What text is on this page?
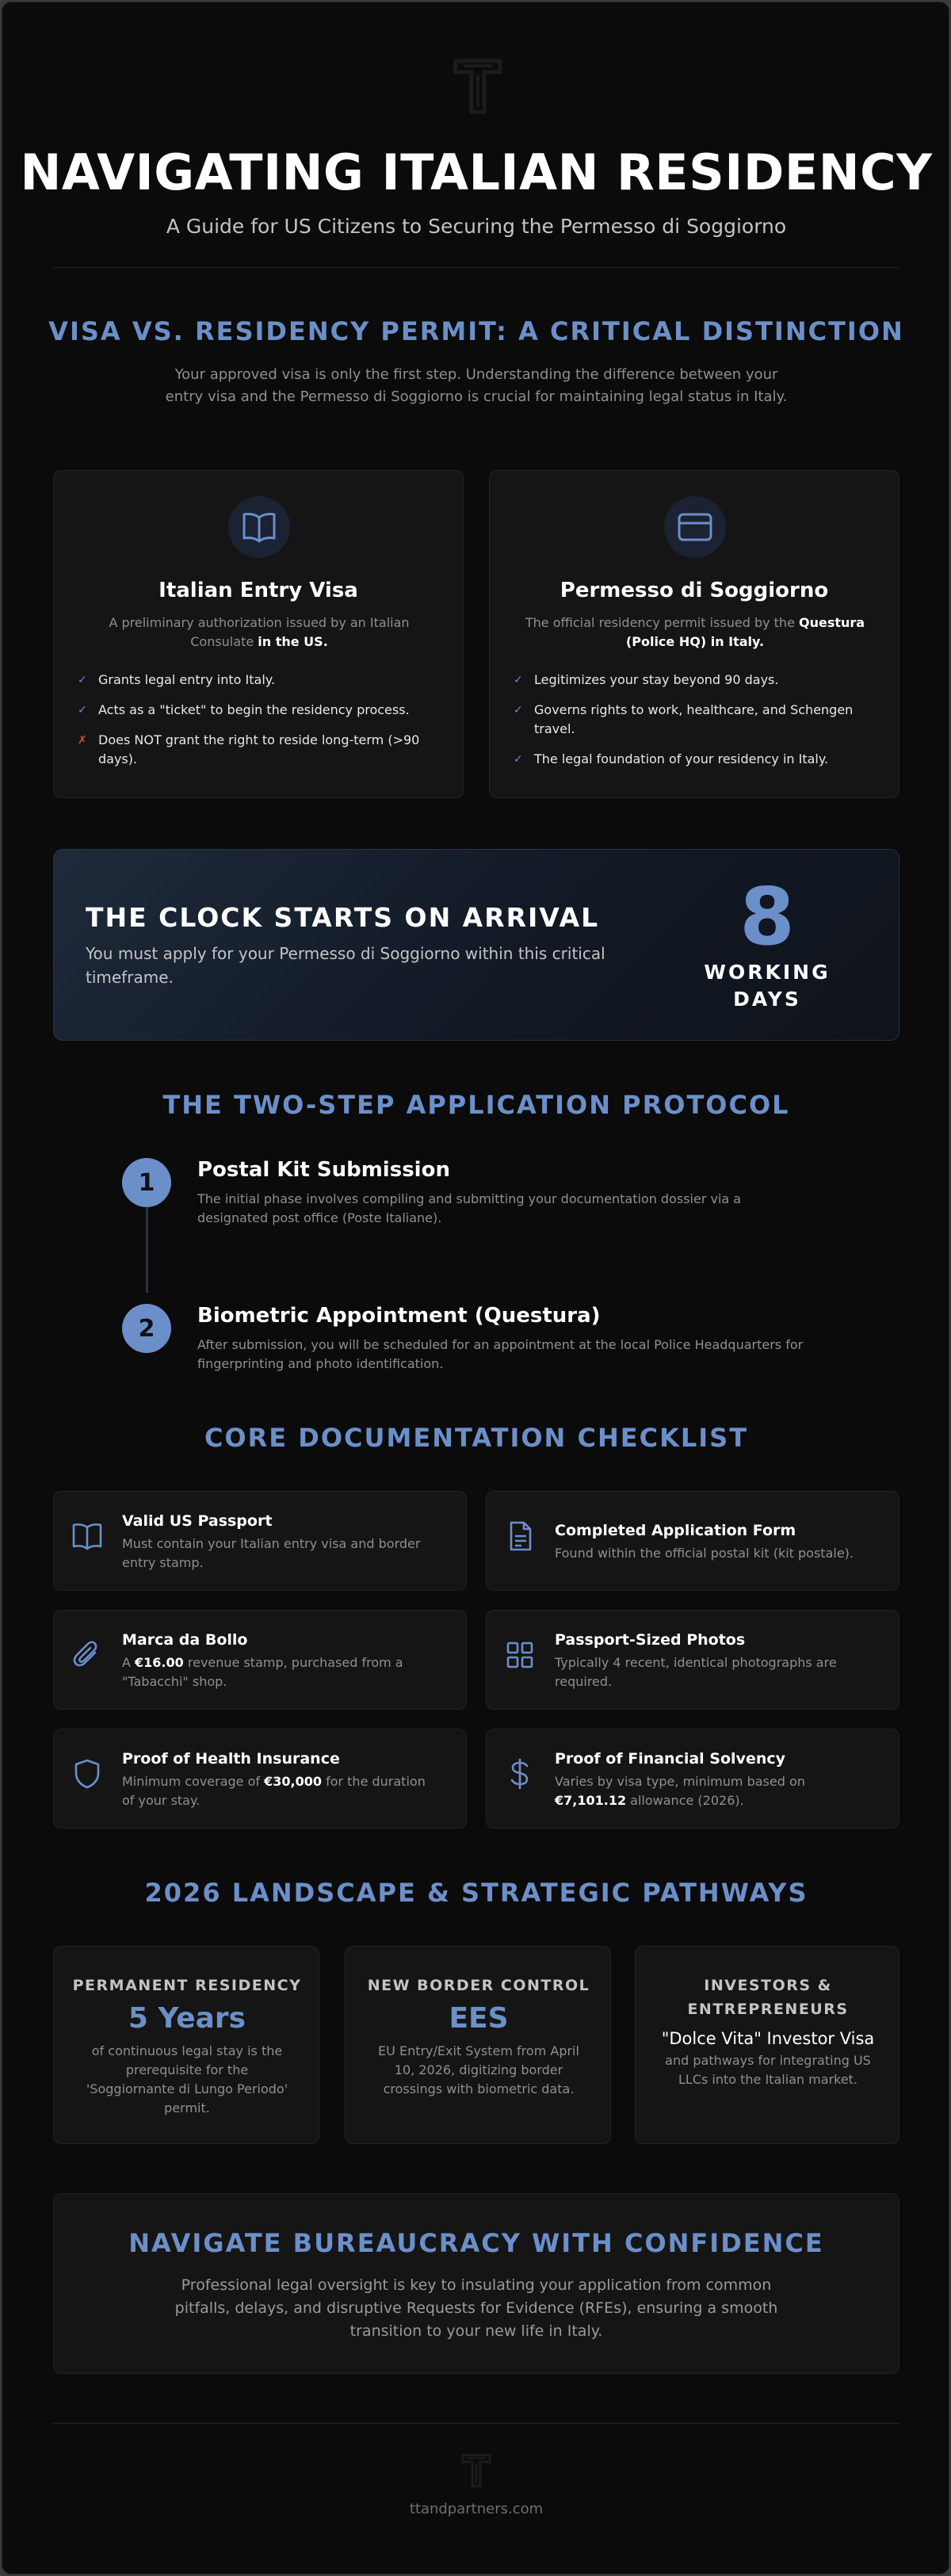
NAVIGATING ITALIAN RESIDENCY
A Guide for US Citizens to Securing the Permesso di Soggiorno
VISA VS. RESIDENCY PERMIT: A CRITICAL DISTINCTION
Your approved visa is only the first step. Understanding the difference between your entry visa and the Permesso di Soggiorno is crucial for maintaining legal status in Italy.
Italian Entry Visa
A preliminary authorization issued by an Italian Consulate in the US.
✓ Grants legal entry into Italy.
✓ Acts as a "ticket" to begin the residency process.
✗ Does NOT grant the right to reside long-term (>90 days).
Permesso di Soggiorno
The official residency permit issued by the Questura (Police HQ) in Italy.
✓ Legitimizes your stay beyond 90 days.
✓ Governs rights to work, healthcare, and Schengen travel.
✓ The legal foundation of your residency in Italy.
THE CLOCK STARTS ON ARRIVAL
You must apply for your Permesso di Soggiorno within this critical timeframe.
8
WORKING
DAYS
THE TWO-STEP APPLICATION PROTOCOL
1	Postal Kit Submission
The initial phase involves compiling and submitting your documentation dossier via a designated post office (Poste Italiane).
2	Biometric Appointment (Questura)
After submission, you will be scheduled for an appointment at the local Police Headquarters for fingerprinting and photo identification.
CORE DOCUMENTATION CHECKLIST
Valid US Passport
Must contain your Italian entry visa and border entry stamp.
Completed Application Form
Found within the official postal kit (kit postale).
Marca da Bollo
A €16.00 revenue stamp, purchased from a "Tabacchi" shop.
Passport-Sized Photos
Typically 4 recent, identical photographs are required.
Proof of Health Insurance
Minimum coverage of €30,000 for the duration of your stay.
Proof of Financial Solvency
Varies by visa type, minimum based on €7,101.12 allowance (2026).
2026 LANDSCAPE & STRATEGIC PATHWAYS
PERMANENT RESIDENCY
5 Years
of continuous legal stay is the prerequisite for the 'Soggiornante di Lungo Periodo' permit.
NEW BORDER CONTROL
EES
EU Entry/Exit System from April 10, 2026, digitizing border crossings with biometric data.
INVESTORS & ENTREPRENEURS
"Dolce Vita" Investor Visa
and pathways for integrating US LLCs into the Italian market.
NAVIGATE BUREAUCRACY WITH CONFIDENCE
Professional legal oversight is key to insulating your application from common pitfalls, delays, and disruptive Requests for Evidence (RFEs), ensuring a smooth transition to your new life in Italy.
ttandpartners.com
